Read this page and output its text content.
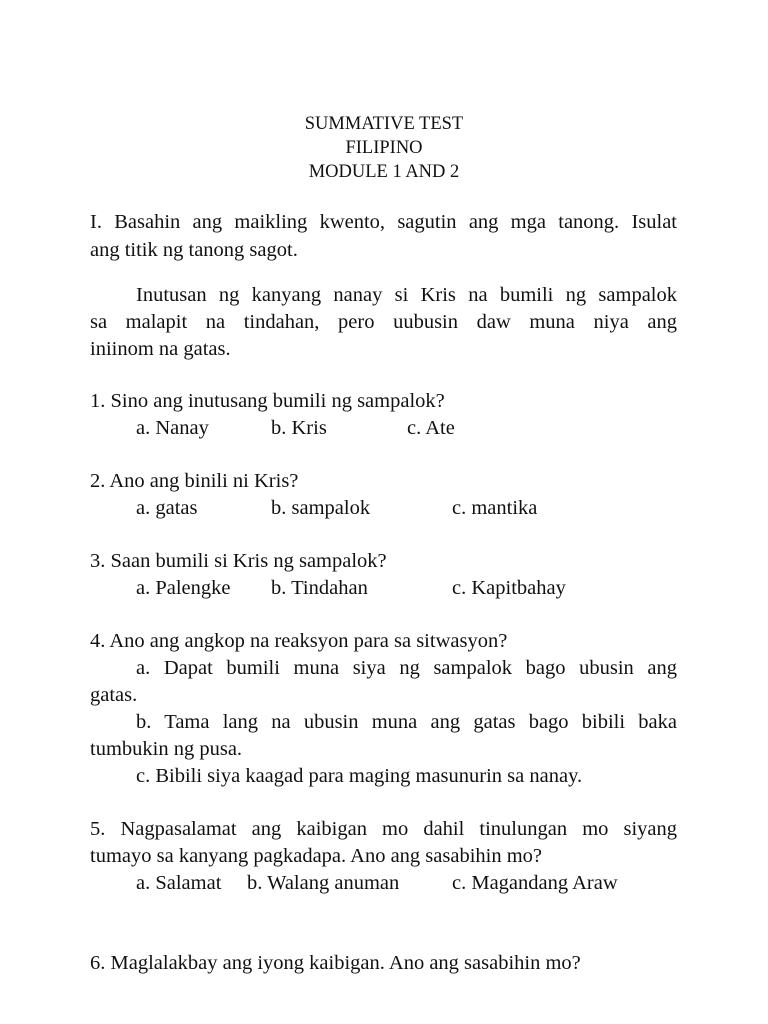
SUMMATIVE TEST
FILIPINO
MODULE 1 AND 2
I. Basahin ang maikling kwento, sagutin ang mga tanong. Isulat
ang titik ng tanong sagot.
Inutusan ng kanyang nanay si Kris na bumili ng sampalok
sa malapit na tindahan, pero uubusin daw muna niya ang
iniinom na gatas.
1. Sino ang inutusang bumili ng sampalok?
a. Nanay	b. Kris	c. Ate
2. Ano ang binili ni Kris?
a. gatas	b. sampalok	c. mantika
3. Saan bumili si Kris ng sampalok?
a. Palengke b. Tindahan	c. Kapitbahay
4. Ano ang angkop na reaksyon para sa sitwasyon?
a. Dapat bumili muna siya ng sampalok bago ubusin ang
gatas.
b. Tama lang na ubusin muna ang gatas bago bibili baka
tumbukin ng pusa.
c. Bibili siya kaagad para maging masunurin sa nanay.
5. Nagpasalamat ang kaibigan mo dahil tinulungan mo siyang
tumayo sa kanyang pagkadapa. Ano ang sasabihin mo?
a. Salamat b. Walang anuman	c. Magandang Araw
6. Maglalakbay ang iyong kaibigan. Ano ang sasabihin mo?
